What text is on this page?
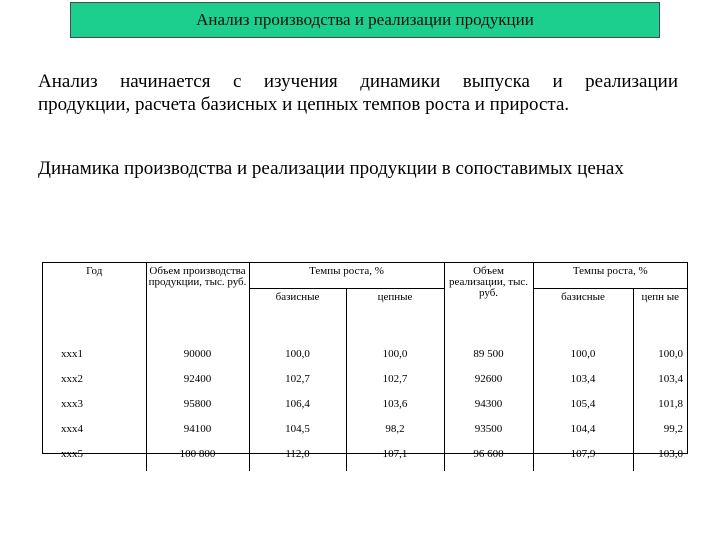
Анализ производства и реализации продукции
Анализ начинается с изучения динамики выпуска и реализации
продукции, расчета базисных и цепных темпов роста и прироста.
Динамика производства и реализации продукции в сопоставимых ценах
Год	Объем производства продукции, тыс. руб.	Темпы роста, %		Объем реализации, тыс. руб.	Темпы роста, %	
		базисные	цепные		базисные	цепн ые
ххх1	90000	100,0	100,0	89 500	100,0	100,0
ххх2	92400	102,7	102,7	92600	103,4	103,4
ххх3	95800	106,4	103,6	94300	105,4	101,8
ххх4	94100	104,5	98,2	93500	104,4	99,2
ххх5	100 800	112,0	107,1	96 600	107,9	103,0
